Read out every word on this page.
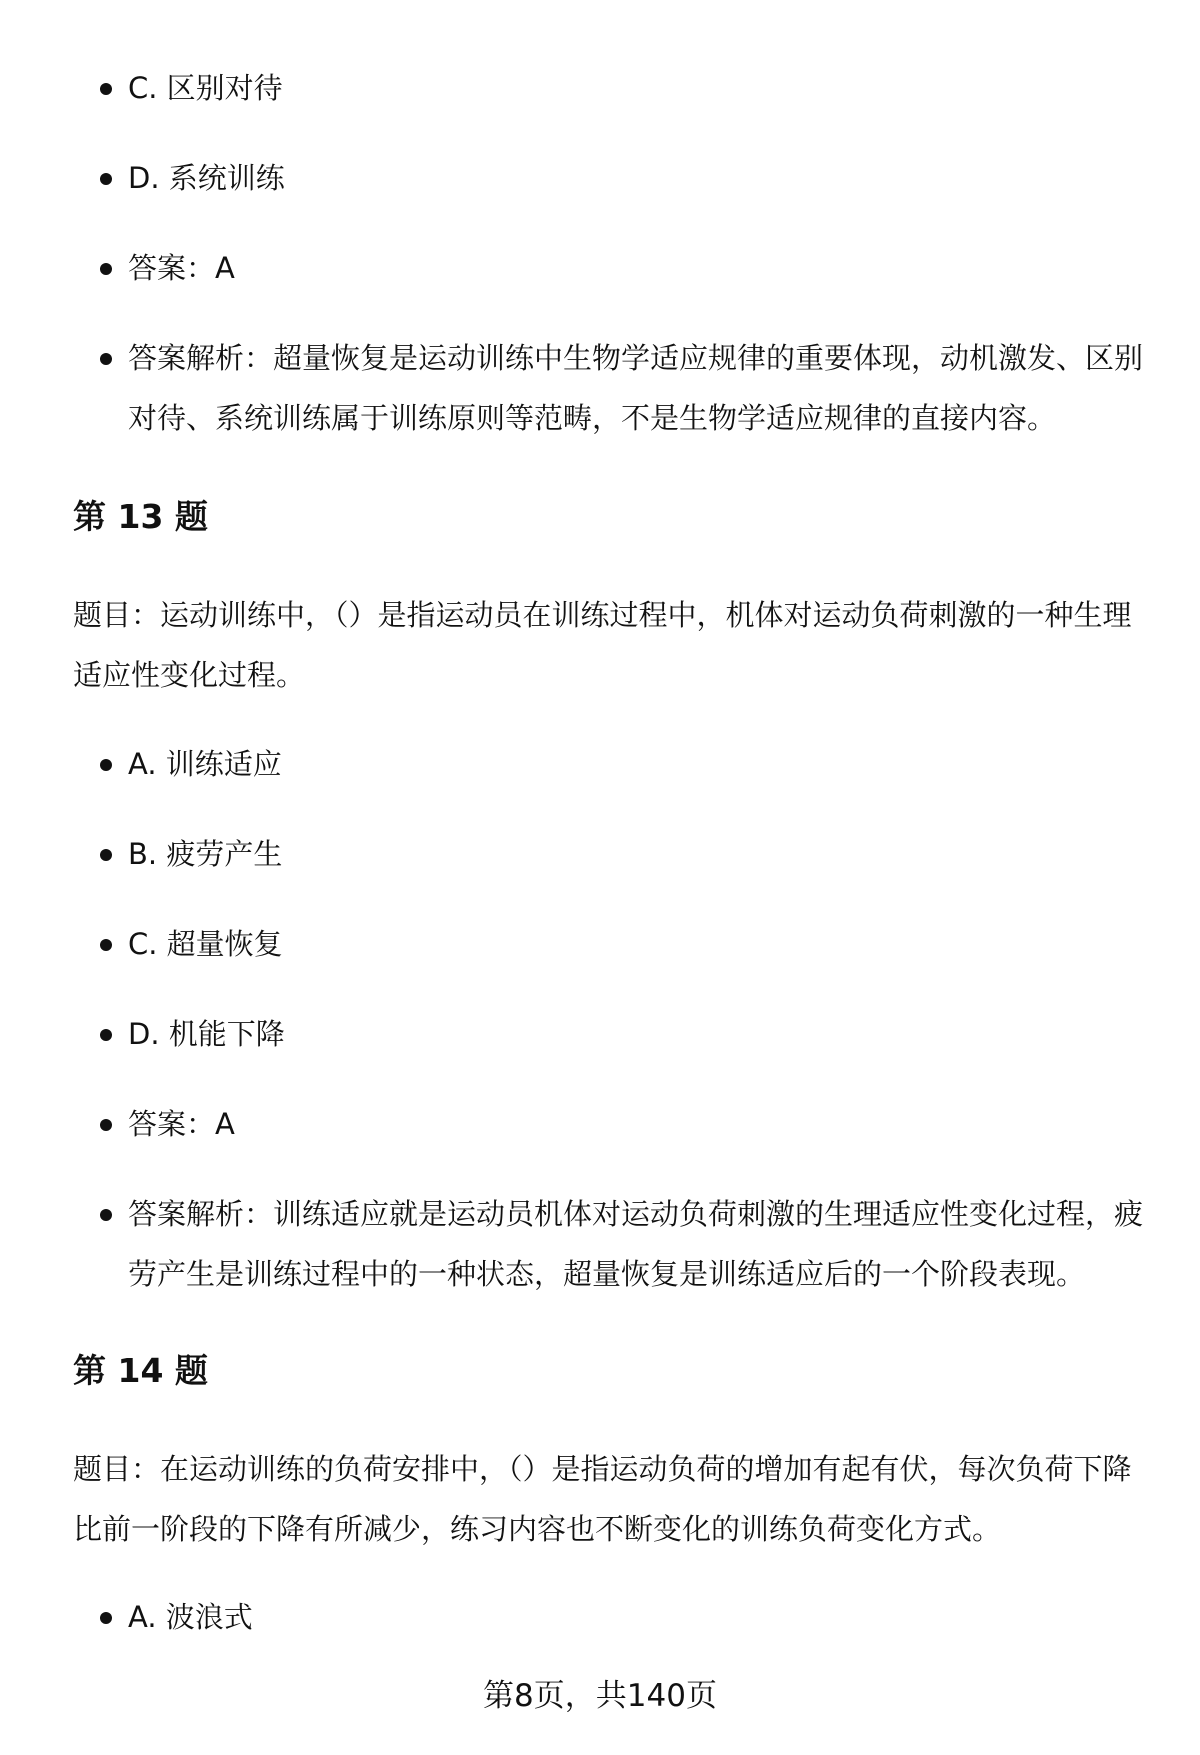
C. 区别对待
D. 系统训练
答案：A
答案解析：超量恢复是运动训练中生物学适应规律的重要体现，动机激发、区别对待、系统训练属于训练原则等范畴，不是生物学适应规律的直接内容。
第 13 题
题目：运动训练中，（）是指运动员在训练过程中，机体对运动负荷刺激的一种生理适应性变化过程。
A. 训练适应
B. 疲劳产生
C. 超量恢复
D. 机能下降
答案：A
答案解析：训练适应就是运动员机体对运动负荷刺激的生理适应性变化过程，疲劳产生是训练过程中的一种状态，超量恢复是训练适应后的一个阶段表现。
第 14 题
题目：在运动训练的负荷安排中，（）是指运动负荷的增加有起有伏，每次负荷下降比前一阶段的下降有所减少，练习内容也不断变化的训练负荷变化方式。
A. 波浪式
第8页，共140页
